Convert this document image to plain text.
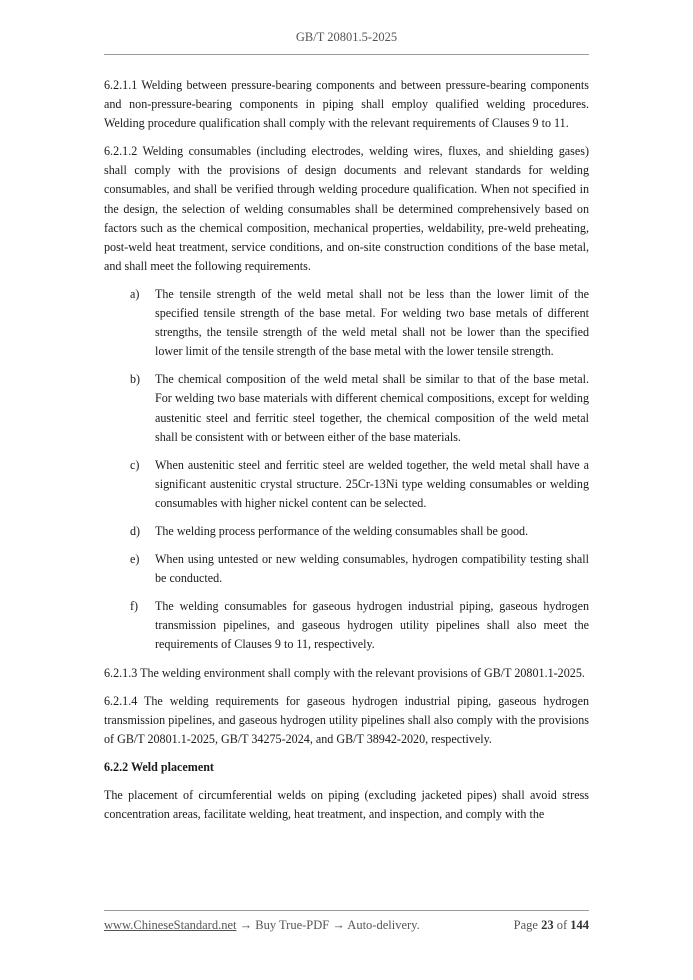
GB/T 20801.5-2025

6.2.1.1 Welding between pressure-bearing components and between pressure-bearing components and non-pressure-bearing components in piping shall employ qualified welding procedures. Welding procedure qualification shall comply with the relevant requirements of Clauses 9 to 11.

6.2.1.2 Welding consumables (including electrodes, welding wires, fluxes, and shielding gases) shall comply with the provisions of design documents and relevant standards for welding consumables, and shall be verified through welding procedure qualification. When not specified in the design, the selection of welding consumables shall be determined comprehensively based on factors such as the chemical composition, mechanical properties, weldability, pre-weld preheating, post-weld heat treatment, service conditions, and on-site construction conditions of the base metal, and shall meet the following requirements.

a)	The tensile strength of the weld metal shall not be less than the lower limit of the specified tensile strength of the base metal. For welding two base metals of different strengths, the tensile strength of the weld metal shall not be lower than the specified lower limit of the tensile strength of the base metal with the lower tensile strength.
b)	The chemical composition of the weld metal shall be similar to that of the base metal. For welding two base materials with different chemical compositions, except for welding austenitic steel and ferritic steel together, the chemical composition of the weld metal shall be consistent with or between either of the base materials.
c)	When austenitic steel and ferritic steel are welded together, the weld metal shall have a significant austenitic crystal structure. 25Cr-13Ni type welding consumables or welding consumables with higher nickel content can be selected.
d)	The welding process performance of the welding consumables shall be good.
e)	When using untested or new welding consumables, hydrogen compatibility testing shall be conducted.
f)	The welding consumables for gaseous hydrogen industrial piping, gaseous hydrogen transmission pipelines, and gaseous hydrogen utility pipelines shall also meet the requirements of Clauses 9 to 11, respectively.

6.2.1.3 The welding environment shall comply with the relevant provisions of GB/T 20801.1-2025.

6.2.1.4 The welding requirements for gaseous hydrogen industrial piping, gaseous hydrogen transmission pipelines, and gaseous hydrogen utility pipelines shall also comply with the provisions of GB/T 20801.1-2025, GB/T 34275-2024, and GB/T 38942-2020, respectively.

6.2.2 Weld placement

The placement of circumferential welds on piping (excluding jacketed pipes) shall avoid stress concentration areas, facilitate welding, heat treatment, and inspection, and comply with the

www.ChineseStandard.net → Buy True-PDF → Auto-delivery.	Page 23 of 144
